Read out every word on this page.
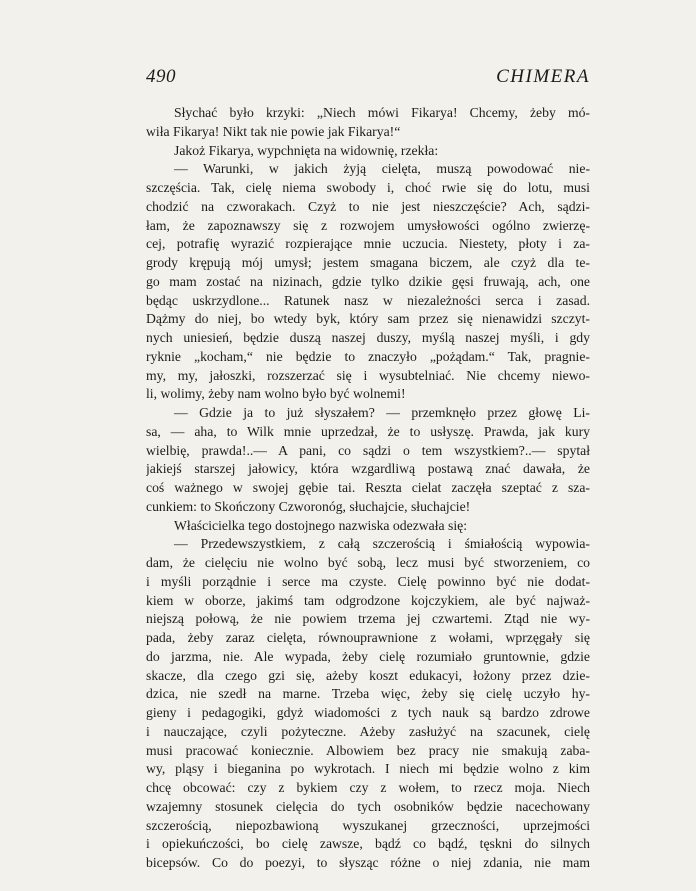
490	CHIMERA
Słychać było krzyki: „Niech mówi Fikarya! Chcemy, żeby mó-
wiła Fikarya! Nikt tak nie powie jak Fikarya!“
Jakoż Fikarya, wypchnięta na widownię, rzekła:
— Warunki, w jakich żyją cielęta, muszą powodować nie-
szczęścia. Tak, cielę niema swobody i, choć rwie się do lotu, musi
chodzić na czworakach. Czyż to nie jest nieszczęście? Ach, sądzi-
łam, że zapoznawszy się z rozwojem umysłowości ogólno zwierzę-
cej, potrafię wyrazić rozpierające mnie uczucia. Niestety, płoty i za-
grody krępują mój umysł; jestem smagana biczem, ale czyż dla te-
go mam zostać na nizinach, gdzie tylko dzikie gęsi fruwają, ach, one
będąc uskrzydlone... Ratunek nasz w niezależności serca i zasad.
Dążmy do niej, bo wtedy byk, który sam przez się nienawidzi szczyt-
nych uniesień, będzie duszą naszej duszy, myślą naszej myśli, i gdy
ryknie „kocham,“ nie będzie to znaczyło „pożądam.“ Tak, pragnie-
my, my, jałoszki, rozszerzać się i wysubtelniać. Nie chcemy niewo-
li, wolimy, żeby nam wolno było być wolnemi!
— Gdzie ja to już słyszałem? — przemknęło przez głowę Li-
sa, — aha, to Wilk mnie uprzedzał, że to usłyszę. Prawda, jak kury
wielbię, prawda!..— A pani, co sądzi o tem wszystkiem?..— spytał
jakiejś starszej jałowicy, która wzgardliwą postawą znać dawała, że
coś ważnego w swojej gębie tai. Reszta cielat zaczęła szeptać z sza-
cunkiem: to Skończony Czworonóg, słuchajcie, słuchajcie!
Właścicielka tego dostojnego nazwiska odezwała się:
— Przedewszystkiem, z całą szczerością i śmiałością wypowia-
dam, że cielęciu nie wolno być sobą, lecz musi być stworzeniem, co
i myśli porządnie i serce ma czyste. Cielę powinno być nie dodat-
kiem w oborze, jakimś tam odgrodzone kojczykiem, ale być najważ-
niejszą połową, że nie powiem trzema jej czwartemi. Ztąd nie wy-
pada, żeby zaraz cielęta, równouprawnione z wołami, wprzęgały się
do jarzma, nie. Ale wypada, żeby cielę rozumiało gruntownie, gdzie
skacze, dla czego gzi się, ażeby koszt edukacyi, łożony przez dzie-
dzica, nie szedł na marne. Trzeba więc, żeby się cielę uczyło hy-
gieny i pedagogiki, gdyż wiadomości z tych nauk są bardzo zdrowe
i nauczające, czyli pożyteczne. Ażeby zasłużyć na szacunek, cielę
musi pracować koniecznie. Albowiem bez pracy nie smakują zaba-
wy, pląsy i bieganina po wykrotach. I niech mi będzie wolno z kim
chcę obcować: czy z bykiem czy z wołem, to rzecz moja. Niech
wzajemny stosunek cielęcia do tych osobników będzie nacechowany
szczerością, niepozbawioną wyszukanej grzeczności, uprzejmości
i opiekuńczości, bo cielę zawsze, bądź co bądź, tęskni do silnych
bicepsów. Co do poezyi, to słysząc różne o niej zdania, nie mam
